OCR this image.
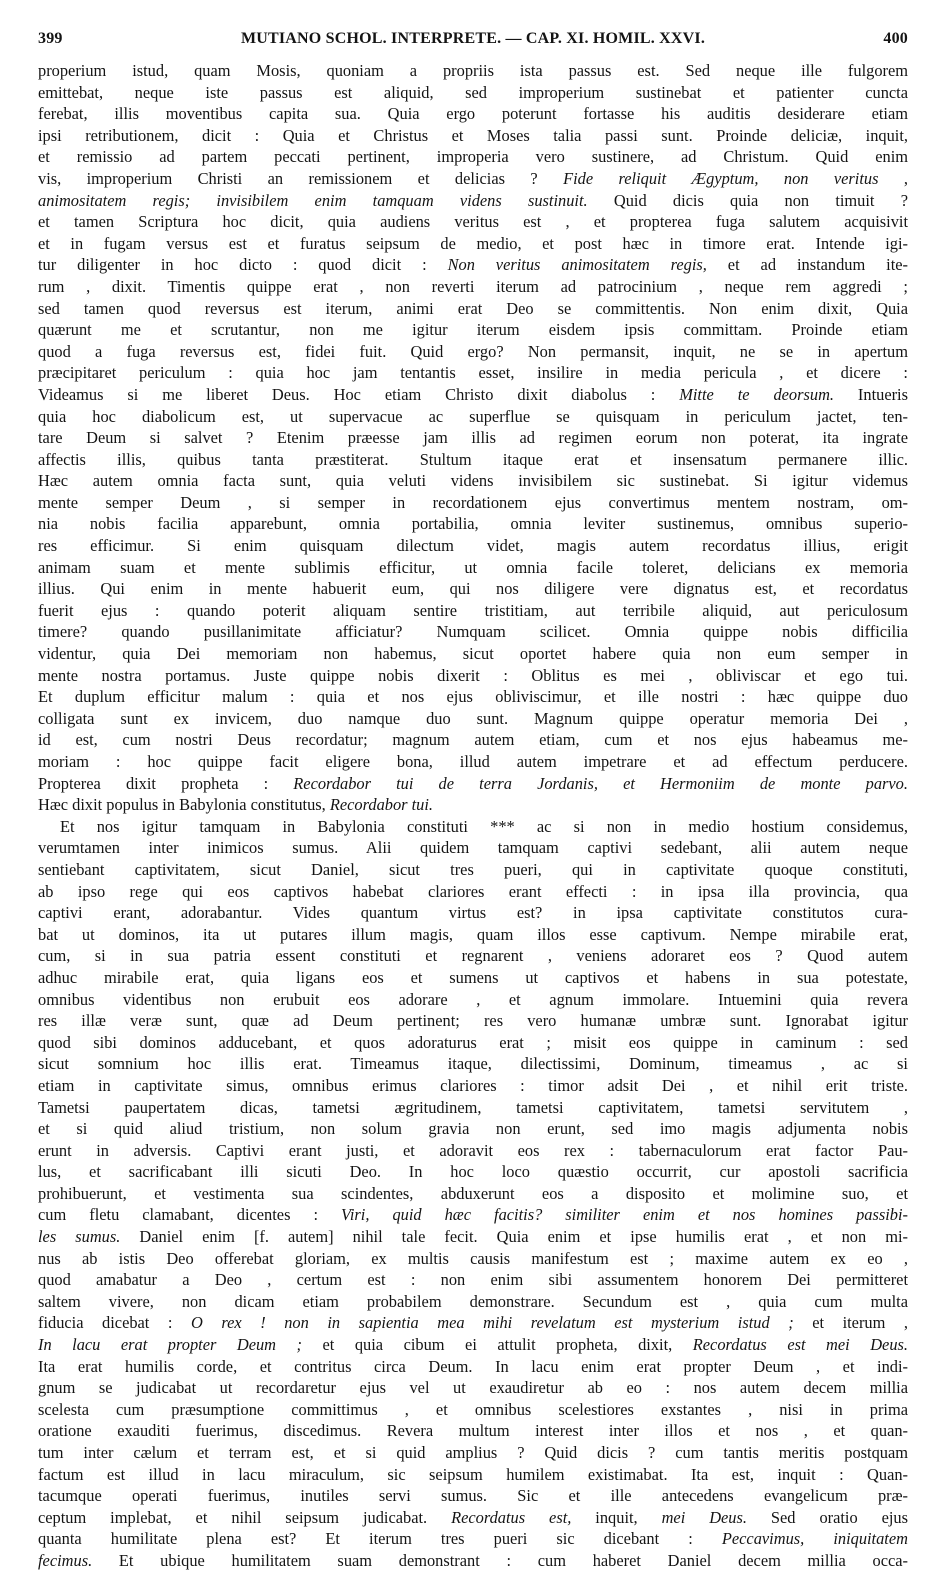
399	MUTIANO SCHOL. INTERPRETE. — CAP. XI. HOMIL. XXVI.	400

properium istud, quam Mosis, quoniam a propriis ista passus est. Sed neque ille fulgorem
emittebat, neque iste passus est aliquid, sed improperium sustinebat et patienter cuncta
ferebat, illis moventibus capita sua. Quia ergo poterunt fortasse his auditis desiderare etiam
ipsi retributionem, dicit : Quia et Christus et Moses talia passi sunt. Proinde deliciæ, inquit,
et remissio ad partem peccati pertinent, improperia vero sustinere, ad Christum. Quid enim
vis, improperium Christi an remissionem et delicias ? Fide reliquit Ægyptum, non veritus ,
animositatem regis; invisibilem enim tamquam videns sustinuit. Quid dicis quia non timuit ?
et tamen Scriptura hoc dicit, quia audiens veritus est , et propterea fuga salutem acquisivit
et in fugam versus est et furatus seipsum de medio, et post hæc in timore erat. Intende igi-
tur diligenter in hoc dicto : quod dicit : Non veritus animositatem regis, et ad instandum ite-
rum , dixit. Timentis quippe erat , non reverti iterum ad patrocinium , neque rem aggredi ;
sed tamen quod reversus est iterum, animi erat Deo se committentis. Non enim dixit, Quia
quærunt me et scrutantur, non me igitur iterum eisdem ipsis committam. Proinde etiam
quod a fuga reversus est, fidei fuit. Quid ergo? Non permansit, inquit, ne se in apertum
præcipitaret periculum : quia hoc jam tentantis esset, insilire in media pericula , et dicere :
Videamus si me liberet Deus. Hoc etiam Christo dixit diabolus : Mitte te deorsum. Intueris
quia hoc diabolicum est, ut supervacue ac superflue se quisquam in periculum jactet, ten-
tare Deum si salvet ? Etenim præesse jam illis ad regimen eorum non poterat, ita ingrate
affectis illis, quibus tanta præstiterat. Stultum itaque erat et insensatum permanere illic.
Hæc autem omnia facta sunt, quia veluti videns invisibilem sic sustinebat. Si igitur videmus
mente semper Deum , si semper in recordationem ejus convertimus mentem nostram, om-
nia nobis facilia apparebunt, omnia portabilia, omnia leviter sustinemus, omnibus superio-
res efficimur. Si enim quisquam dilectum videt, magis autem recordatus illius, erigit
animam suam et mente sublimis efficitur, ut omnia facile toleret, delicians ex memoria
illius. Qui enim in mente habuerit eum, qui nos diligere vere dignatus est, et recordatus
fuerit ejus : quando poterit aliquam sentire tristitiam, aut terribile aliquid, aut periculosum
timere? quando pusillanimitate afficiatur? Numquam scilicet. Omnia quippe nobis difficilia
videntur, quia Dei memoriam non habemus, sicut oportet habere quia non eum semper in
mente nostra portamus. Juste quippe nobis dixerit : Oblitus es mei , obliviscar et ego tui.
Et duplum efficitur malum : quia et nos ejus obliviscimur, et ille nostri : hæc quippe duo
colligata sunt ex invicem, duo namque duo sunt. Magnum quippe operatur memoria Dei ,
id est, cum nostri Deus recordatur; magnum autem etiam, cum et nos ejus habeamus me-
moriam : hoc quippe facit eligere bona, illud autem impetrare et ad effectum perducere.
Propterea dixit propheta : Recordabor tui de terra Jordanis, et Hermoniim de monte parvo.
Hæc dixit populus in Babylonia constitutus, Recordabor tui.

Et nos igitur tamquam in Babylonia constituti *** ac si non in medio hostium considemus,
verumtamen inter inimicos sumus. Alii quidem tamquam captivi sedebant, alii autem neque
sentiebant captivitatem, sicut Daniel, sicut tres pueri, qui in captivitate quoque constituti,
ab ipso rege qui eos captivos habebat clariores erant effecti : in ipsa illa provincia, qua
captivi erant, adorabantur. Vides quantum virtus est? in ipsa captivitate constitutos cura-
bat ut dominos, ita ut putares illum magis, quam illos esse captivum. Nempe mirabile erat,
cum, si in sua patria essent constituti et regnarent , veniens adoraret eos ? Quod autem
adhuc mirabile erat, quia ligans eos et sumens ut captivos et habens in sua potestate,
omnibus videntibus non erubuit eos adorare , et agnum immolare. Intuemini quia revera
res illæ veræ sunt, quæ ad Deum pertinent; res vero humanæ umbræ sunt. Ignorabat igitur
quod sibi dominos adducebant, et quos adoraturus erat ; misit eos quippe in caminum : sed
sicut somnium hoc illis erat. Timeamus itaque, dilectissimi, Dominum, timeamus , ac si
etiam in captivitate simus, omnibus erimus clariores : timor adsit Dei , et nihil erit triste.
Tametsi paupertatem dicas, tametsi ægritudinem, tametsi captivitatem, tametsi servitutem ,
et si quid aliud tristium, non solum gravia non erunt, sed imo magis adjumenta nobis
erunt in adversis. Captivi erant justi, et adoravit eos rex : tabernaculorum erat factor Pau-
lus, et sacrificabant illi sicuti Deo. In hoc loco quæstio occurrit, cur apostoli sacrificia
prohibuerunt, et vestimenta sua scindentes, abduxerunt eos a disposito et molimine suo, et
cum fletu clamabant, dicentes : Viri, quid hæc facitis? similiter enim et nos homines passibi-
les sumus. Daniel enim [f. autem] nihil tale fecit. Quia enim et ipse humilis erat , et non mi-
nus ab istis Deo offerebat gloriam, ex multis causis manifestum est ; maxime autem ex eo ,
quod amabatur a Deo , certum est : non enim sibi assumentem honorem Dei permitteret
saltem vivere, non dicam etiam probabilem demonstrare. Secundum est , quia cum multa
fiducia dicebat : O rex ! non in sapientia mea mihi revelatum est mysterium istud ; et iterum ,
In lacu erat propter Deum ; et quia cibum ei attulit propheta, dixit, Recordatus est mei Deus.
Ita erat humilis corde, et contritus circa Deum. In lacu enim erat propter Deum , et indi-
gnum se judicabat ut recordaretur ejus vel ut exaudiretur ab eo : nos autem decem millia
scelesta cum præsumptione committimus , et omnibus scelestiores exstantes , nisi in prima
oratione exauditi fuerimus, discedimus. Revera multum interest inter illos et nos , et quan-
tum inter cælum et terram est, et si quid amplius ? Quid dicis ? cum tantis meritis postquam
factum est illud in lacu miraculum, sic seipsum humilem existimabat. Ita est, inquit : Quan-
tacumque operati fuerimus, inutiles servi sumus. Sic et ille antecedens evangelicum præ-
ceptum implebat, et nihil seipsum judicabat. Recordatus est, inquit, mei Deus. Sed oratio ejus
quanta humilitate plena est? Et iterum tres pueri sic dicebant : Peccavimus, iniquitatem
fecimus. Et ubique humilitatem suam demonstrant : cum haberet Daniel decem millia occa-
